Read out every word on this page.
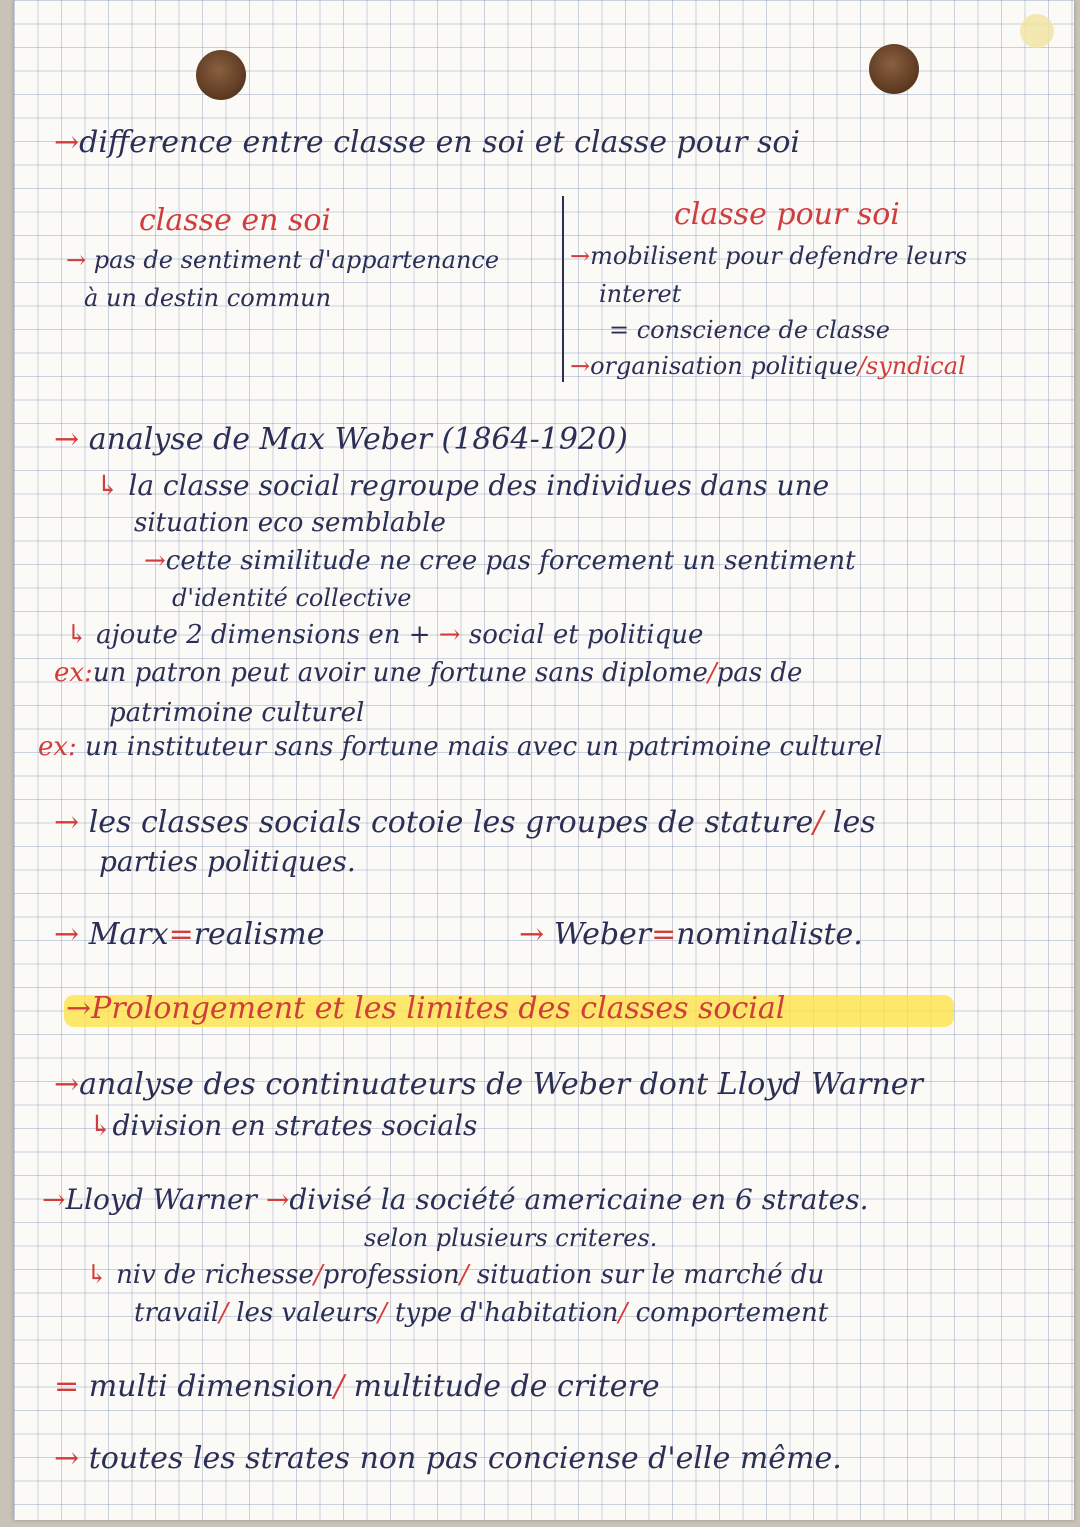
→difference entre classe en soi et classe pour soi
classe en soi	classe pour soi
→ pas de sentiment d'appartenance	→mobilisent pour defendre leurs
à un destin commun	interet
= conscience de classe
→organisation politique/syndical
→ analyse de Max Weber (1864-1920)
↳ la classe social regroupe des individues dans une
situation eco semblable
→cette similitude ne cree pas forcement un sentiment
d'identité collective
↳ ajoute 2 dimensions en + → social et politique
ex:un patron peut avoir une fortune sans diplome/pas de
patrimoine culturel
ex: un instituteur sans fortune mais avec un patrimoine culturel
→ les classes socials cotoie les groupes de stature/ les
parties politiques.
→ Marx=realisme	→ Weber=nominaliste.
→Prolongement et les limites des classes social
→analyse des continuateurs de Weber dont Lloyd Warner
↳division en strates socials
→Lloyd Warner →divisé la société americaine en 6 strates.
selon plusieurs criteres.
↳ niv de richesse/profession/ situation sur le marché du
travail/ les valeurs/ type d'habitation/ comportement
= multi dimension/ multitude de critere
→ toutes les strates non pas conciense d'elle même.
